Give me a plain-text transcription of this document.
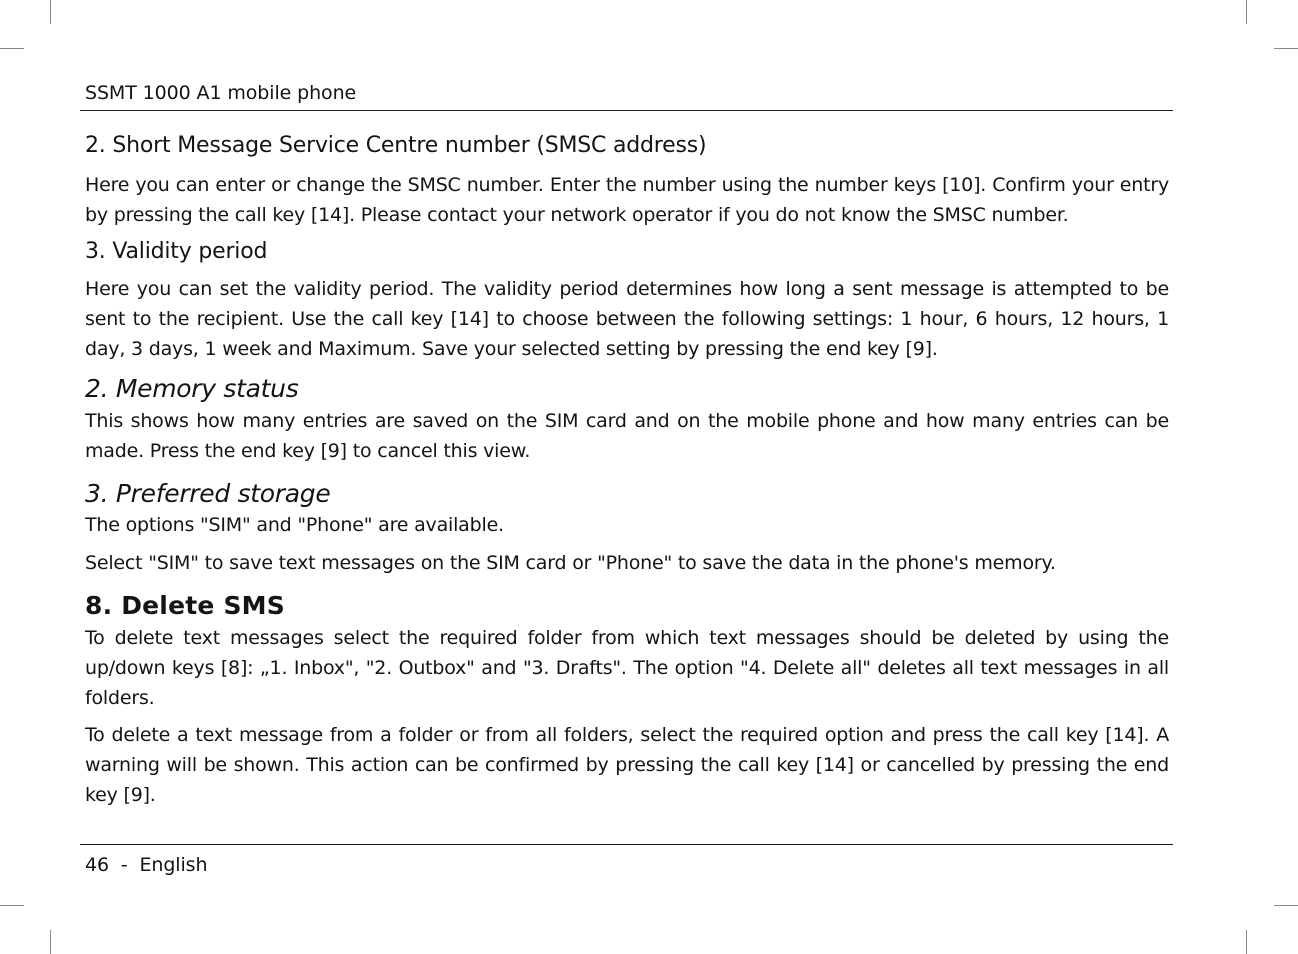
SSMT 1000 A1 mobile phone
2. Short Message Service Centre number (SMSC address)

Here you can enter or change the SMSC number. Enter the number using the number keys [10]. Confirm your entry by pressing the call key [14]. Please contact your network operator if you do not know the SMSC number.

3. Validity period

Here you can set the validity period. The validity period determines how long a sent message is attempted to be sent to the recipient. Use the call key [14] to choose between the following settings: 1 hour, 6 hours, 12 hours, 1 day, 3 days, 1 week and Maximum. Save your selected setting by pressing the end key [9].

2. Memory status

This shows how many entries are saved on the SIM card and on the mobile phone and how many entries can be made. Press the end key [9] to cancel this view.

3. Preferred storage

The options "SIM" and "Phone" are available.

Select "SIM" to save text messages on the SIM card or "Phone" to save the data in the phone's memory.

8. Delete SMS

To delete text messages select the required folder from which text messages should be deleted by using the up/down keys [8]: „1. Inbox", "2. Outbox" and "3. Drafts". The option "4. Delete all" deletes all text messages in all folders.

To delete a text message from a folder or from all folders, select the required option and press the call key [14]. A warning will be shown. This action can be confirmed by pressing the call key [14] or cancelled by pressing the end key [9].

46  -  English
